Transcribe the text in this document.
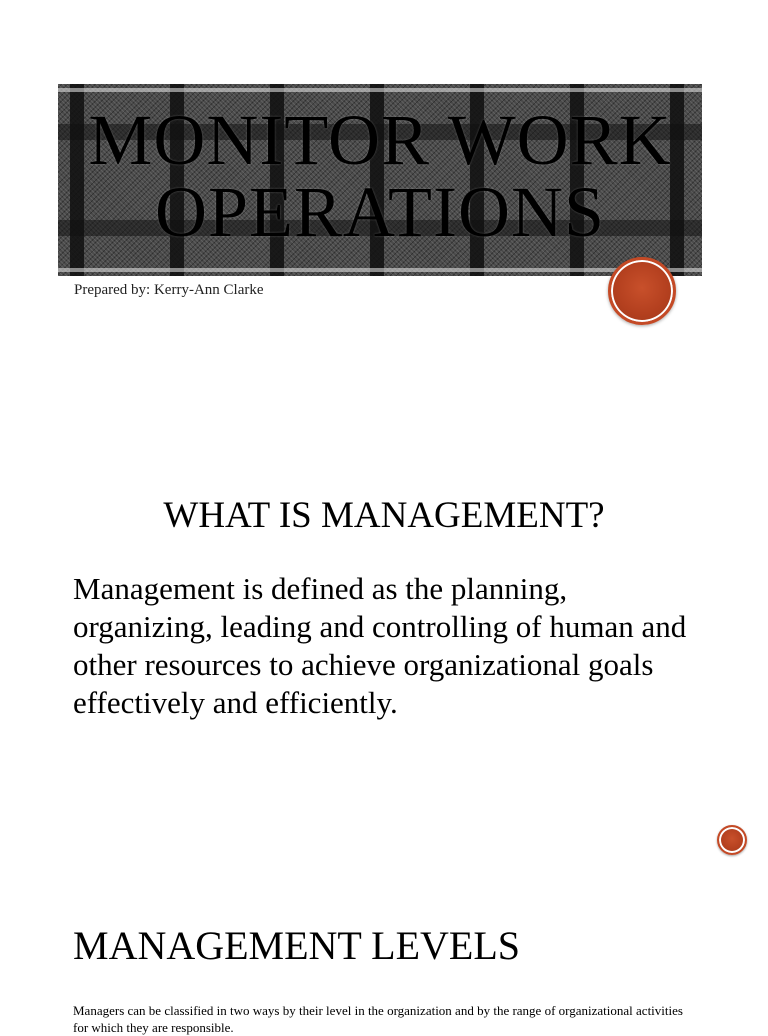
MONITOR WORK OPERATIONS

Prepared by: Kerry-Ann Clarke

WHAT IS MANAGEMENT?

Management is defined as the planning, organizing, leading and controlling of human and other resources to achieve organizational goals effectively and efficiently.

MANAGEMENT LEVELS

Managers can be classified in two ways by their level in the organization and by the range of organizational activities for which they are responsible.
